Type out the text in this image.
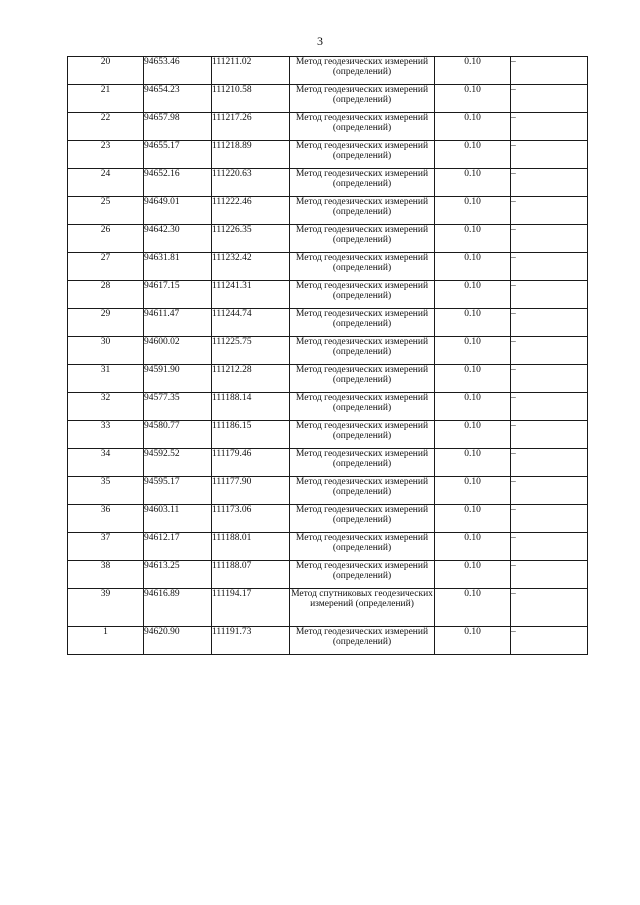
3
20	94653.46	111211.02	Метод геодезических измерений (определений)	0.10	–
21	94654.23	111210.58	Метод геодезических измерений (определений)	0.10	–
22	94657.98	111217.26	Метод геодезических измерений (определений)	0.10	–
23	94655.17	111218.89	Метод геодезических измерений (определений)	0.10	–
24	94652.16	111220.63	Метод геодезических измерений (определений)	0.10	–
25	94649.01	111222.46	Метод геодезических измерений (определений)	0.10	–
26	94642.30	111226.35	Метод геодезических измерений (определений)	0.10	–
27	94631.81	111232.42	Метод геодезических измерений (определений)	0.10	–
28	94617.15	111241.31	Метод геодезических измерений (определений)	0.10	–
29	94611.47	111244.74	Метод геодезических измерений (определений)	0.10	–
30	94600.02	111225.75	Метод геодезических измерений (определений)	0.10	–
31	94591.90	111212.28	Метод геодезических измерений (определений)	0.10	–
32	94577.35	111188.14	Метод геодезических измерений (определений)	0.10	–
33	94580.77	111186.15	Метод геодезических измерений (определений)	0.10	–
34	94592.52	111179.46	Метод геодезических измерений (определений)	0.10	–
35	94595.17	111177.90	Метод геодезических измерений (определений)	0.10	–
36	94603.11	111173.06	Метод геодезических измерений (определений)	0.10	–
37	94612.17	111188.01	Метод геодезических измерений (определений)	0.10	–
38	94613.25	111188.07	Метод геодезических измерений (определений)	0.10	–
39	94616.89	111194.17	Метод спутниковых геодезических измерений (определений)	0.10	–
1	94620.90	111191.73	Метод геодезических измерений (определений)	0.10	–
